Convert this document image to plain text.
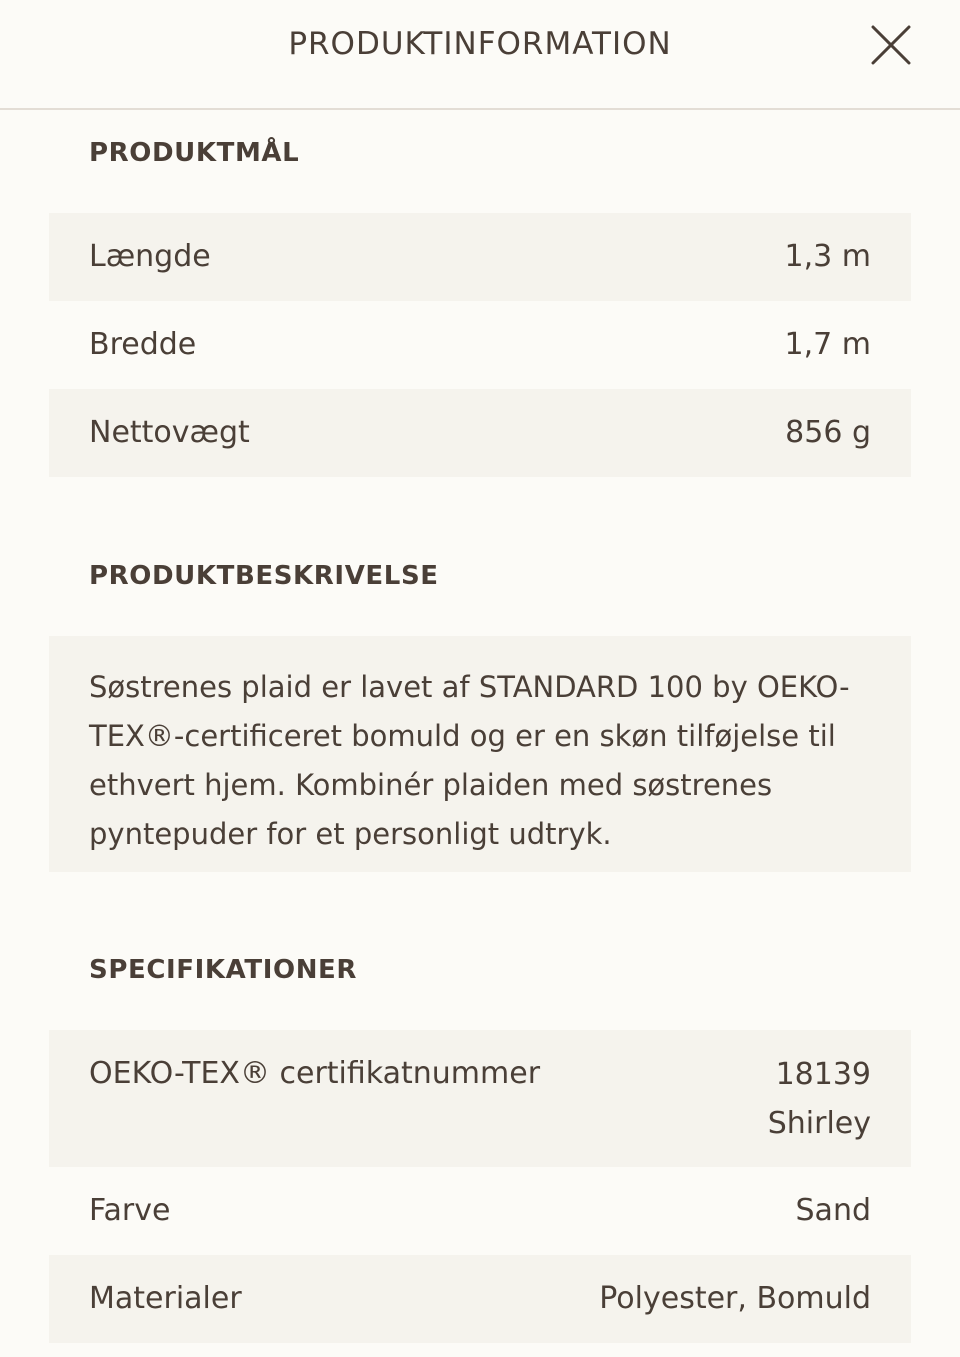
PRODUKTINFORMATION
PRODUKTMÅL
Længde	1,3 m
Bredde	1,7 m
Nettovægt	856 g
PRODUKTBESKRIVELSE
Søstrenes plaid er lavet af STANDARD 100 by OEKO-
TEX®-certificeret bomuld og er en skøn tilføjelse til
ethvert hjem. Kombinér plaiden med søstrenes
pyntepuder for et personligt udtryk.
SPECIFIKATIONER
OEKO-TEX® certifikatnummer	18139
Shirley
Farve	Sand
Materialer	Polyester, Bomuld
